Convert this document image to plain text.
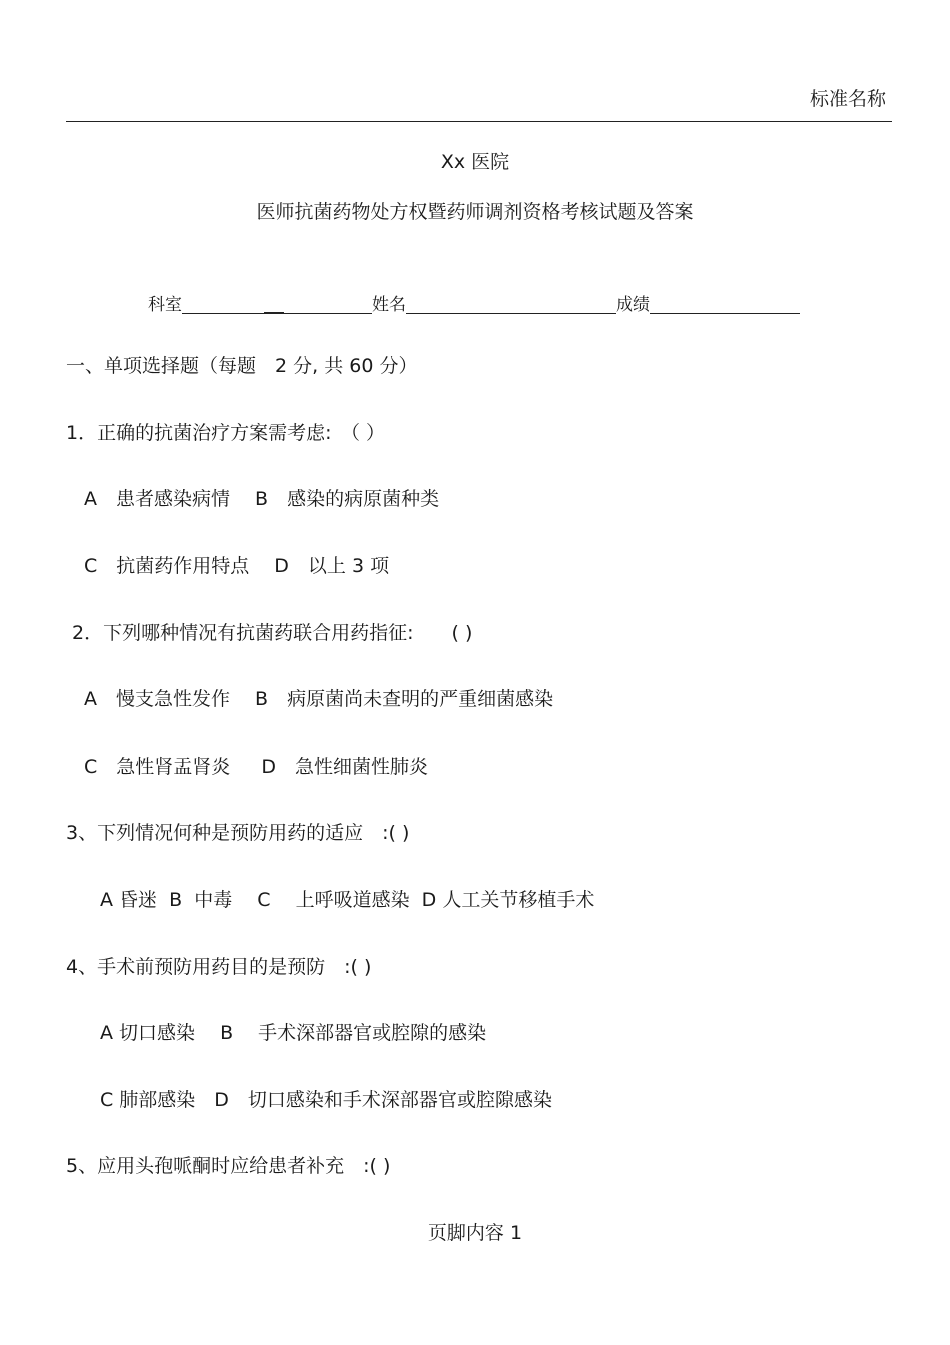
标准名称
Xx 医院
医师抗菌药物处方权暨药师调剂资格考核试题及答案
科室	姓名	成绩
一、单项选择题（每题　2 分, 共 60 分）
1．正确的抗菌治疗方案需考虑:　（ ）
A　患者感染病情　 B　感染的病原菌种类
C　抗菌药作用特点　 D　以上 3 项
2．下列哪种情况有抗菌药联合用药指征:　　( )
A　慢支急性发作　 B　病原菌尚未查明的严重细菌感染
C　急性肾盂肾炎　  D　急性细菌性肺炎
3、下列情况何种是预防用药的适应　:( )
A 昏迷  B  中毒　 C　 上呼吸道感染  D 人工关节移植手术
4、手术前预防用药目的是预防　:( )
A 切口感染　 B　 手术深部器官或腔隙的感染
C 肺部感染　D　切口感染和手术深部器官或腔隙感染
5、应用头孢哌酮时应给患者补充　:( )
页脚内容 1
